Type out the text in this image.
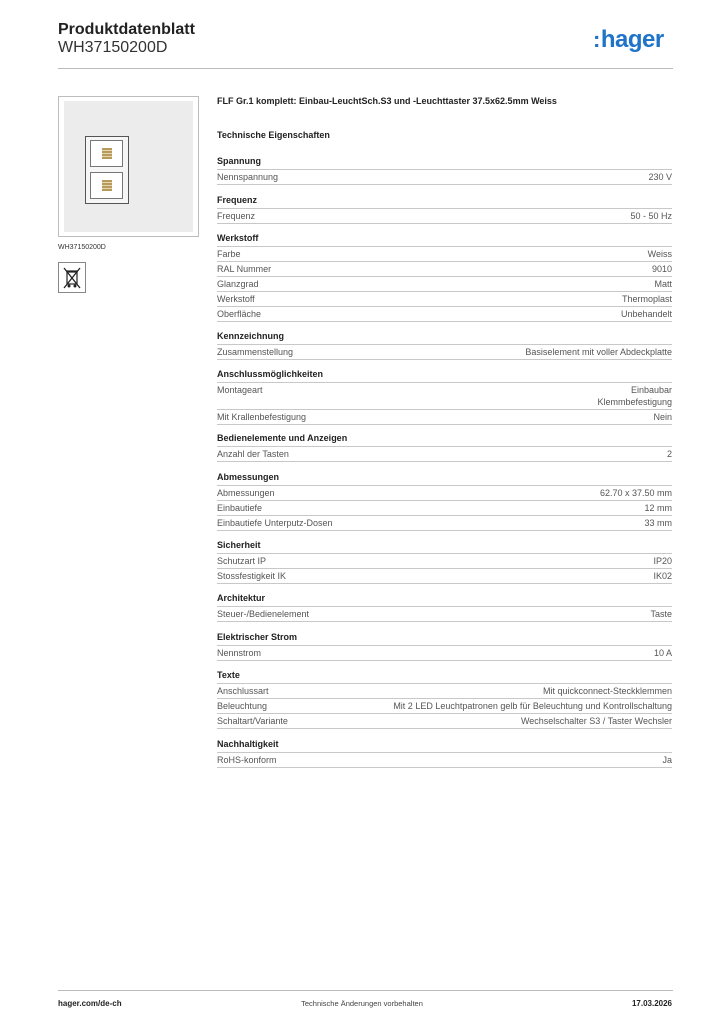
Produktdatenblatt
WH37150200D	:hager
WH37150200D
FLF Gr.1 komplett: Einbau-LeuchtSch.S3 und -Leuchttaster 37.5x62.5mm Weiss
Technische Eigenschaften
Spannung
Nennspannung	230 V
Frequenz
Frequenz	50 - 50 Hz
Werkstoff
Farbe	Weiss
RAL Nummer	9010
Glanzgrad	Matt
Werkstoff	Thermoplast
Oberfläche	Unbehandelt
Kennzeichnung
Zusammenstellung	Basiselement mit voller Abdeckplatte
Anschlussmöglichkeiten
Montageart	Einbaubar
Klemmbefestigung
Mit Krallenbefestigung	Nein
Bedienelemente und Anzeigen
Anzahl der Tasten	2
Abmessungen
Abmessungen	62.70 x 37.50 mm
Einbautiefe	12 mm
Einbautiefe Unterputz-Dosen	33 mm
Sicherheit
Schutzart IP	IP20
Stossfestigkeit IK	IK02
Architektur
Steuer-/Bedienelement	Taste
Elektrischer Strom
Nennstrom	10 A
Texte
Anschlussart	Mit quickconnect-Steckklemmen
Beleuchtung	Mit 2 LED Leuchtpatronen gelb für Beleuchtung und Kontrollschaltung
Schaltart/Variante	Wechselschalter S3 / Taster Wechsler
Nachhaltigkeit
RoHS-konform	Ja
hager.com/de-ch	Technische Änderungen vorbehalten	17.03.2026
